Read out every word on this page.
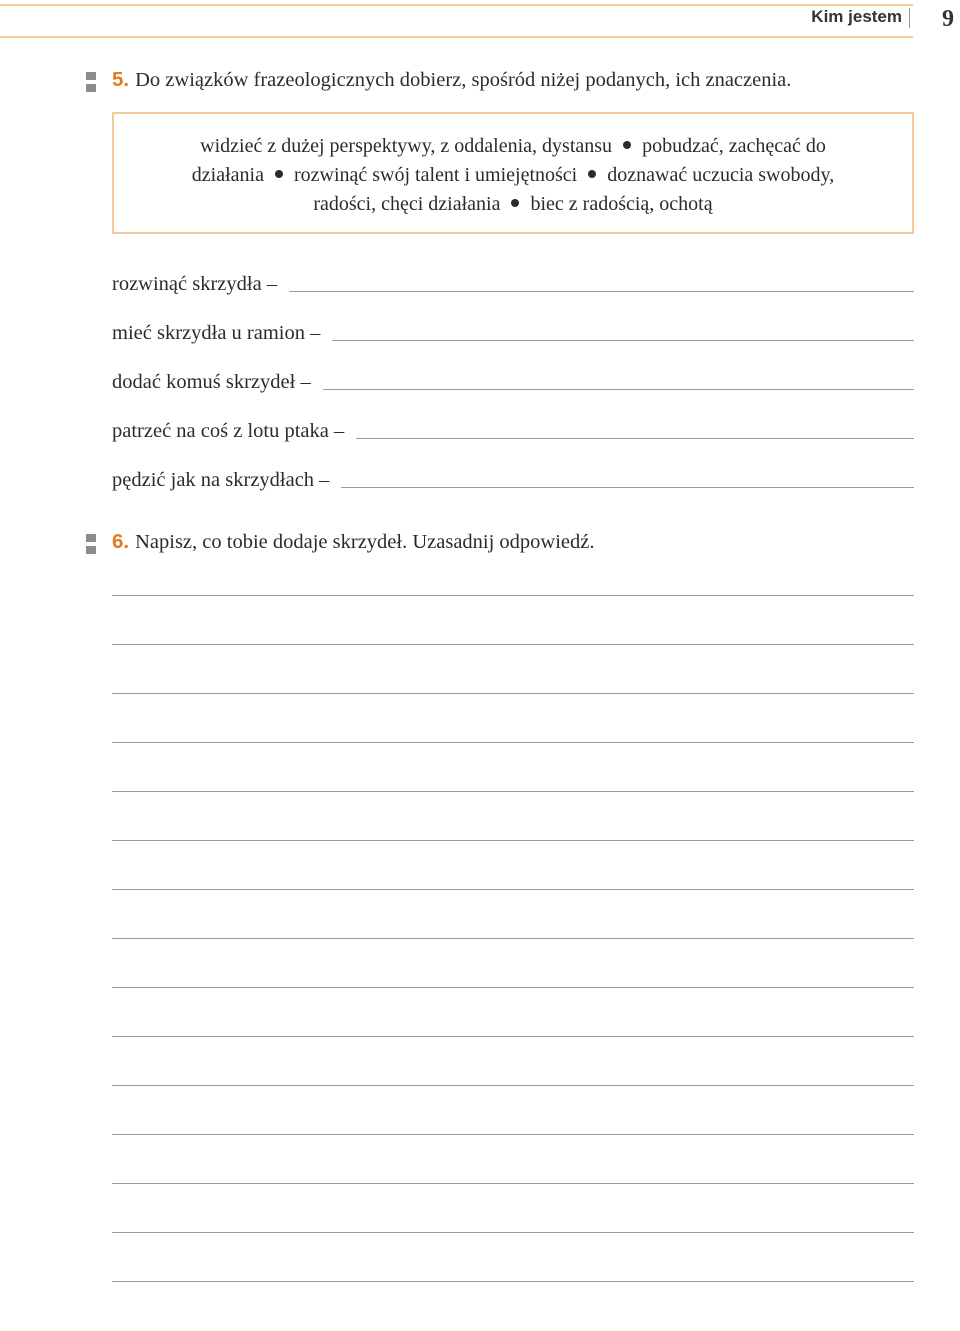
Kim jestem 9
5. Do związków frazeologicznych dobierz, spośród niżej podanych, ich znaczenia.
widzieć z dużej perspektywy, z oddalenia, dystansu pobudzać, zachęcać do
działania rozwinąć swój talent i umiejętności doznawać uczucia swobody,
radości, chęci działania biec z radością, ochotą
rozwinąć skrzydła –
mieć skrzydła u ramion –
dodać komuś skrzydeł –
patrzeć na coś z lotu ptaka –
pędzić jak na skrzydłach –
6. Napisz, co tobie dodaje skrzydeł. Uzasadnij odpowiedź.
